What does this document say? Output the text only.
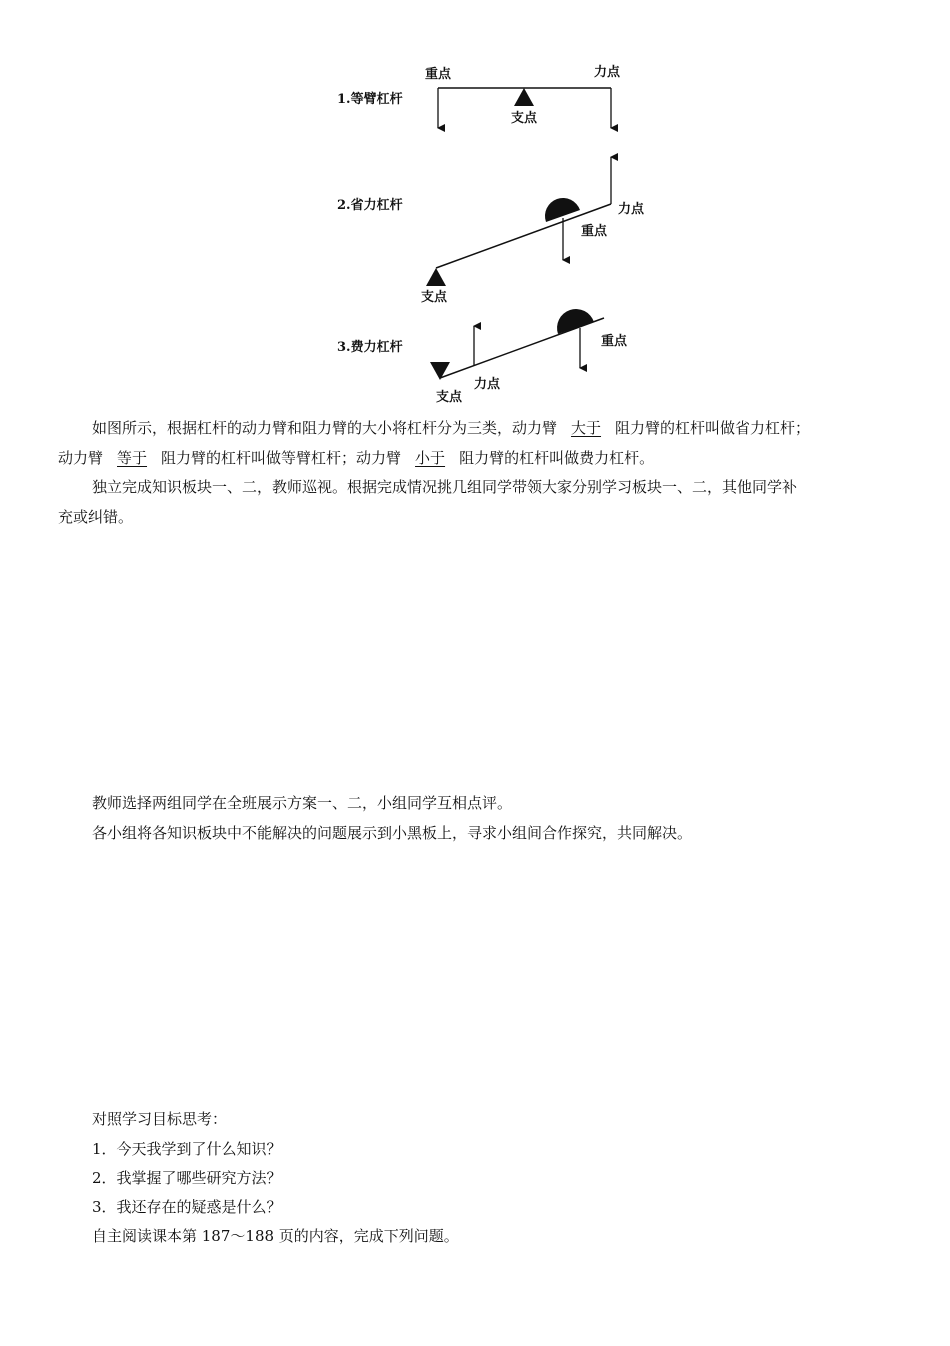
1.等臂杠杆
重点	力点
支点
2.省力杠杆	力点
重点
支点
3.费力杠杆	重点
力点
支点
如图所示，根据杠杆的动力臂和阻力臂的大小将杠杆分为三类，动力臂 大于 阻力臂的杠杆叫做省力杠杆；
动力臂 等于 阻力臂的杠杆叫做等臂杠杆；动力臂 小于 阻力臂的杠杆叫做费力杠杆。
独立完成知识板块一、二，教师巡视。根据完成情况挑几组同学带领大家分别学习板块一、二，其他同学补
充或纠错。
教师选择两组同学在全班展示方案一、二，小组同学互相点评。
各小组将各知识板块中不能解决的问题展示到小黑板上，寻求小组间合作探究，共同解决。
对照学习目标思考：
1．今天我学到了什么知识？
2．我掌握了哪些研究方法？
3．我还存在的疑惑是什么？
自主阅读课本第 187～188 页的内容，完成下列问题。
